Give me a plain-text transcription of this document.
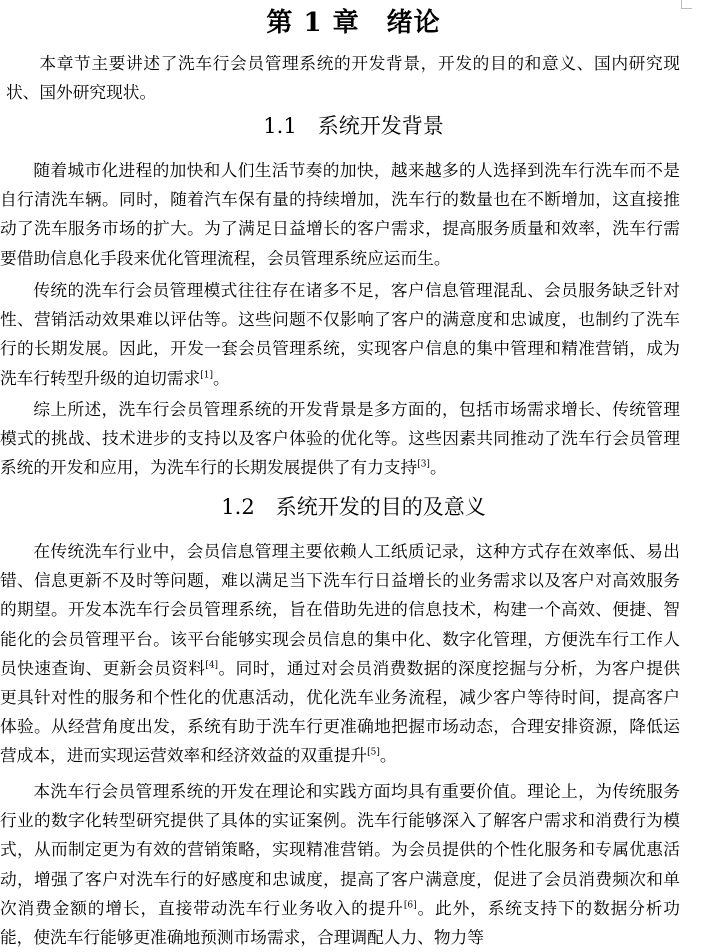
第 1 章　绪论

本章节主要讲述了洗车行会员管理系统的开发背景，开发的目的和意义、国内研究现状、国外研究现状。

1.1　系统开发背景

随着城市化进程的加快和人们生活节奏的加快，越来越多的人选择到洗车行洗车而不是自行清洗车辆。同时，随着汽车保有量的持续增加，洗车行的数量也在不断增加，这直接推动了洗车服务市场的扩大。为了满足日益增长的客户需求，提高服务质量和效率，洗车行需要借助信息化手段来优化管理流程，会员管理系统应运而生。

传统的洗车行会员管理模式往往存在诸多不足，客户信息管理混乱、会员服务缺乏针对性、营销活动效果难以评估等。这些问题不仅影响了客户的满意度和忠诚度，也制约了洗车行的长期发展。因此，开发一套会员管理系统，实现客户信息的集中管理和精准营销，成为洗车行转型升级的迫切需求[1]。

综上所述，洗车行会员管理系统的开发背景是多方面的，包括市场需求增长、传统管理模式的挑战、技术进步的支持以及客户体验的优化等。这些因素共同推动了洗车行会员管理系统的开发和应用，为洗车行的长期发展提供了有力支持[3]。

1.2　系统开发的目的及意义

在传统洗车行业中，会员信息管理主要依赖人工纸质记录，这种方式存在效率低、易出错、信息更新不及时等问题，难以满足当下洗车行日益增长的业务需求以及客户对高效服务的期望。开发本洗车行会员管理系统，旨在借助先进的信息技术，构建一个高效、便捷、智能化的会员管理平台。该平台能够实现会员信息的集中化、数字化管理，方便洗车行工作人员快速查询、更新会员资料[4]。同时，通过对会员消费数据的深度挖掘与分析，为客户提供更具针对性的服务和个性化的优惠活动，优化洗车业务流程，减少客户等待时间，提高客户体验。从经营角度出发，系统有助于洗车行更准确地把握市场动态，合理安排资源，降低运营成本，进而实现运营效率和经济效益的双重提升[5]。

本洗车行会员管理系统的开发在理论和实践方面均具有重要价值。理论上，为传统服务行业的数字化转型研究提供了具体的实证案例。洗车行能够深入了解客户需求和消费行为模式，从而制定更为有效的营销策略，实现精准营销。为会员提供的个性化服务和专属优惠活动，增强了客户对洗车行的好感度和忠诚度，提高了客户满意度，促进了会员消费频次和单次消费金额的增长，直接带动洗车行业务收入的提升[6]。此外，系统支持下的数据分析功能，使洗车行能够更准确地预测市场需求，合理调配人力、物力等
